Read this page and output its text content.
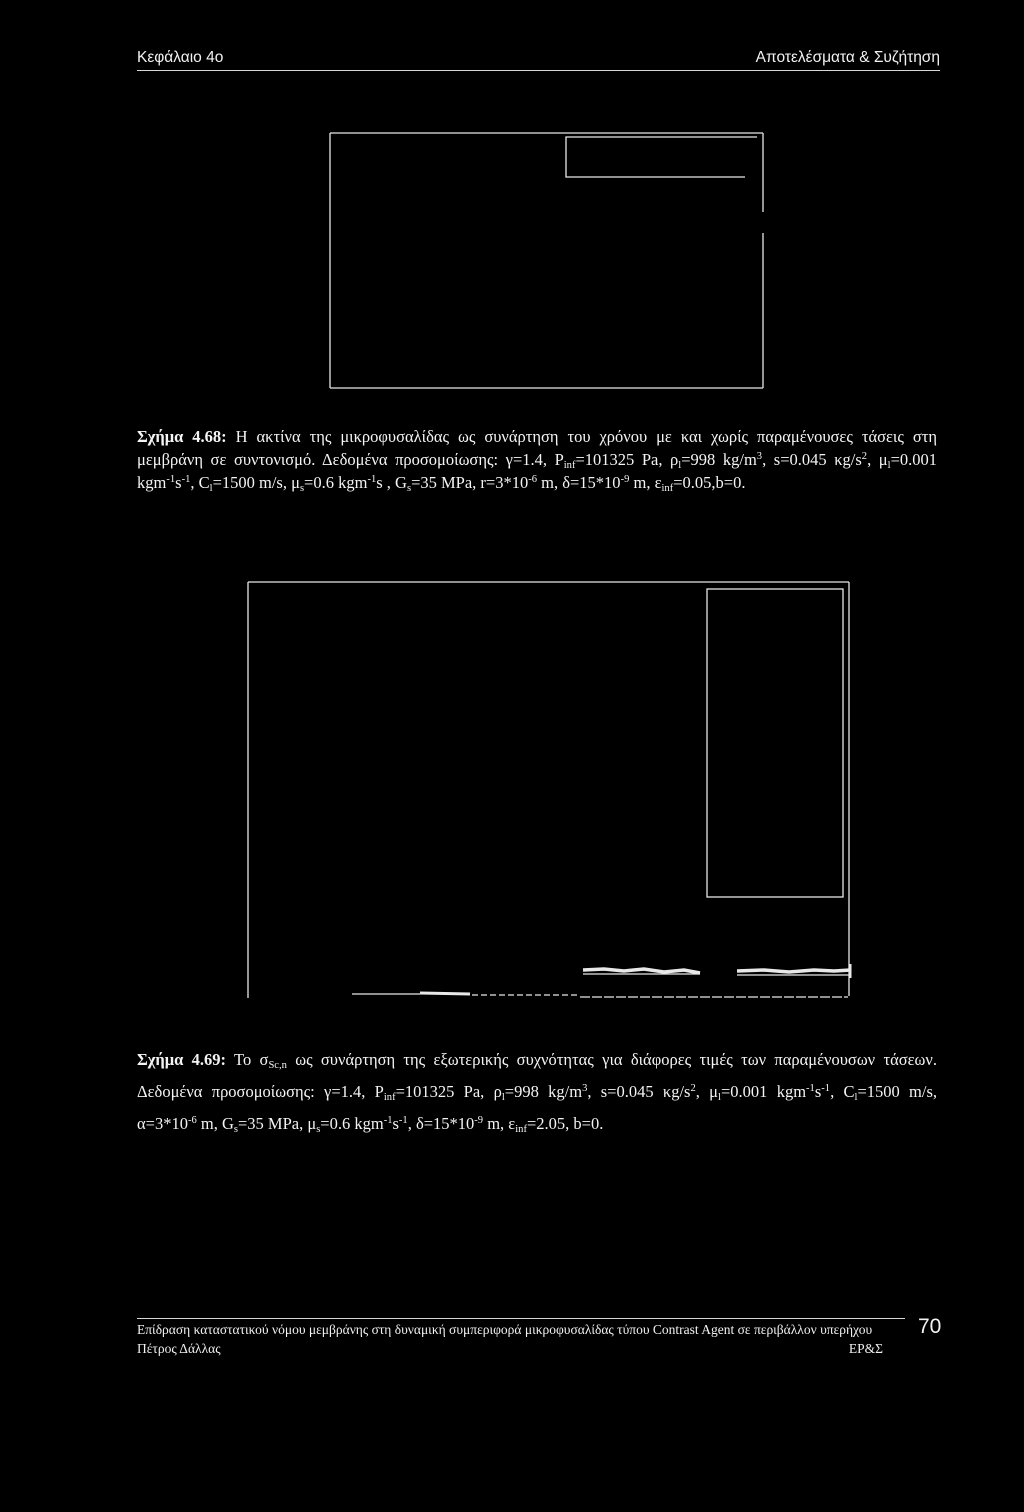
Κεφάλαιο 4ο	Αποτελέσματα & Συζήτηση
Σχήμα 4.68: Η ακτίνα της μικροφυσαλίδας ως συνάρτηση του χρόνου με και χωρίς παραμένουσες τάσεις στη
μεμβράνη σε συντονισμό. Δεδομένα προσομοίωσης: γ=1.4, $P_{inf}=101325$ Pa, $\rho_l=998$ $kg/m^3$, s=0.045 $\kappa g/s^2$, $\mu_l=0.001$
$kgm^{-1}s^{-1}$, $C_l=1500$ m/s, $\mu_s=0.6$ kgm$^{-1}$s , $G_s=35$ MPa, $r=3*10^{-6}$ m, $\delta=15*10^{-9}$ m, $\varepsilon_{inf}=0.05,b=0$.
Σχήμα 4.69: Το $\sigma_{Sc,n}$ ως συνάρτηση της εξωτερικής συχνότητας για διάφορες τιμές των παραμένουσων τάσεων.
Δεδομένα προσομοίωσης: γ=1.4, $P_{inf}=101325$ Pa, $\rho_l=998$ $kg/m^3$, s=0.045 $\kappa g/s^2$, $\mu_l=0.001$ $kgm^{-1}s^{-1}$, $C_l=1500$ m/s,
$\alpha=3*10^{-6}$ m, $G_s=35$ MPa, $\mu_s=0.6$ $kgm^{-1}s^{-1}$, $\delta=15*10^{-9}$ m, $\varepsilon_{inf}=2.05$, b=0.
Επίδραση καταστατικού νόμου μεμβράνης στη δυναμική συμπεριφορά μικροφυσαλίδας τύπου Contrast Agent σε περιβάλλον υπερήχου 70
Πέτρος Δάλλας	ΕΡ&Σ
